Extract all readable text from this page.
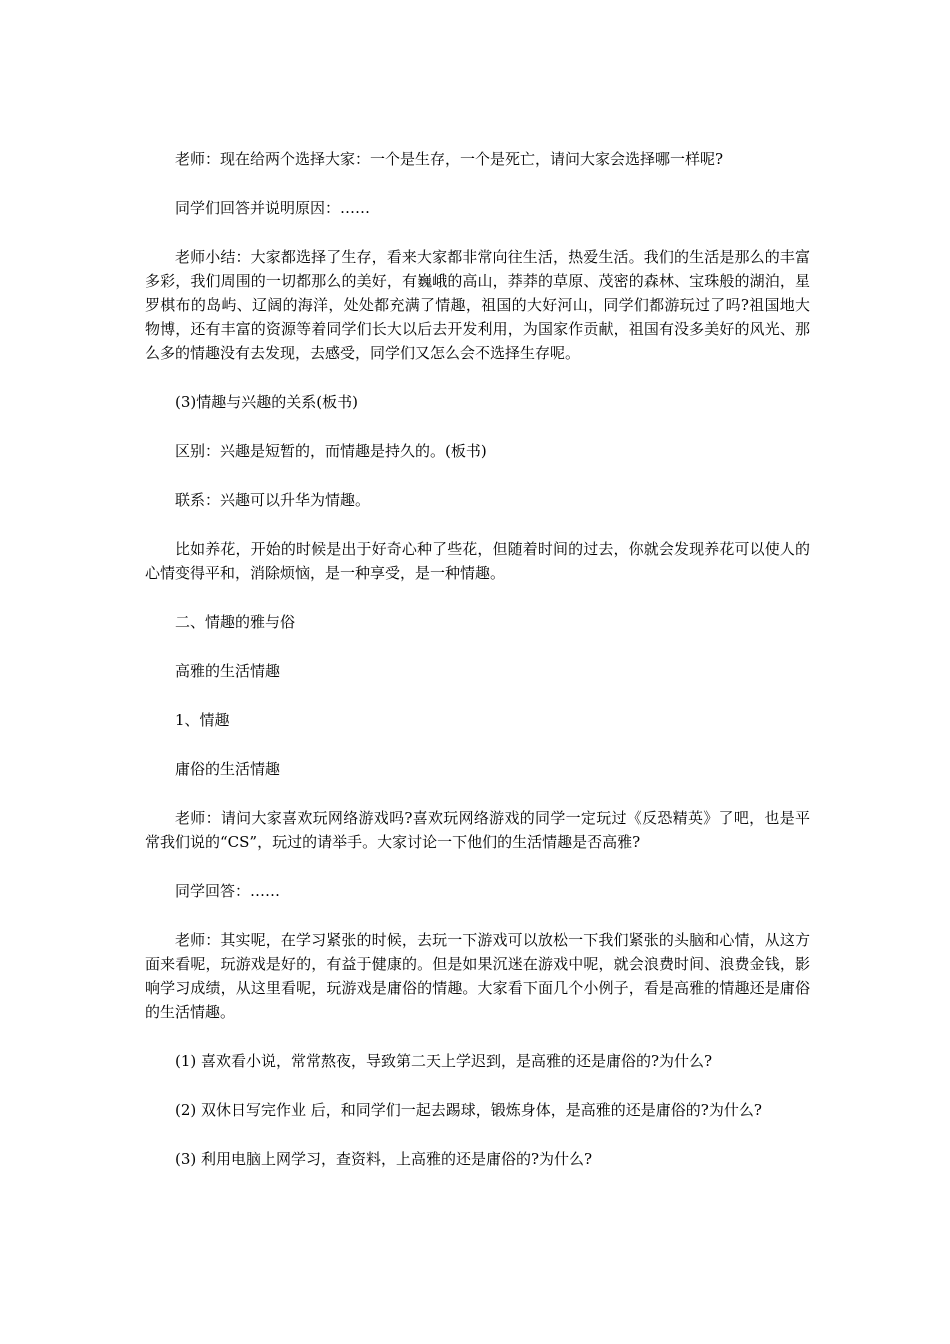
老师：现在给两个选择大家：一个是生存，一个是死亡，请问大家会选择哪一样呢?

同学们回答并说明原因：……

老师小结：大家都选择了生存，看来大家都非常向往生活，热爱生活。我们的生活是那么的丰富多彩，我们周围的一切都那么的美好，有巍峨的高山，莽莽的草原、茂密的森林、宝珠般的湖泊，星罗棋布的岛屿、辽阔的海洋，处处都充满了情趣，祖国的大好河山，同学们都游玩过了吗?祖国地大物博，还有丰富的资源等着同学们长大以后去开发利用，为国家作贡献，祖国有没多美好的风光、那么多的情趣没有去发现，去感受，同学们又怎么会不选择生存呢。

(3)情趣与兴趣的关系(板书)

区别：兴趣是短暂的，而情趣是持久的。(板书)

联系：兴趣可以升华为情趣。

比如养花，开始的时候是出于好奇心种了些花，但随着时间的过去，你就会发现养花可以使人的心情变得平和，消除烦恼，是一种享受，是一种情趣。

二、情趣的雅与俗

高雅的生活情趣

1、情趣

庸俗的生活情趣

老师：请问大家喜欢玩网络游戏吗?喜欢玩网络游戏的同学一定玩过《反恐精英》了吧，也是平常我们说的“CS”，玩过的请举手。大家讨论一下他们的生活情趣是否高雅?

同学回答：……

老师：其实呢，在学习紧张的时候，去玩一下游戏可以放松一下我们紧张的头脑和心情，从这方面来看呢，玩游戏是好的，有益于健康的。但是如果沉迷在游戏中呢，就会浪费时间、浪费金钱，影响学习成绩，从这里看呢，玩游戏是庸俗的情趣。大家看下面几个小例子，看是高雅的情趣还是庸俗的生活情趣。

(1) 喜欢看小说，常常熬夜，导致第二天上学迟到，是高雅的还是庸俗的?为什么?

(2) 双休日写完作业 后，和同学们一起去踢球，锻炼身体，是高雅的还是庸俗的?为什么?

(3) 利用电脑上网学习，查资料，上高雅的还是庸俗的?为什么?
